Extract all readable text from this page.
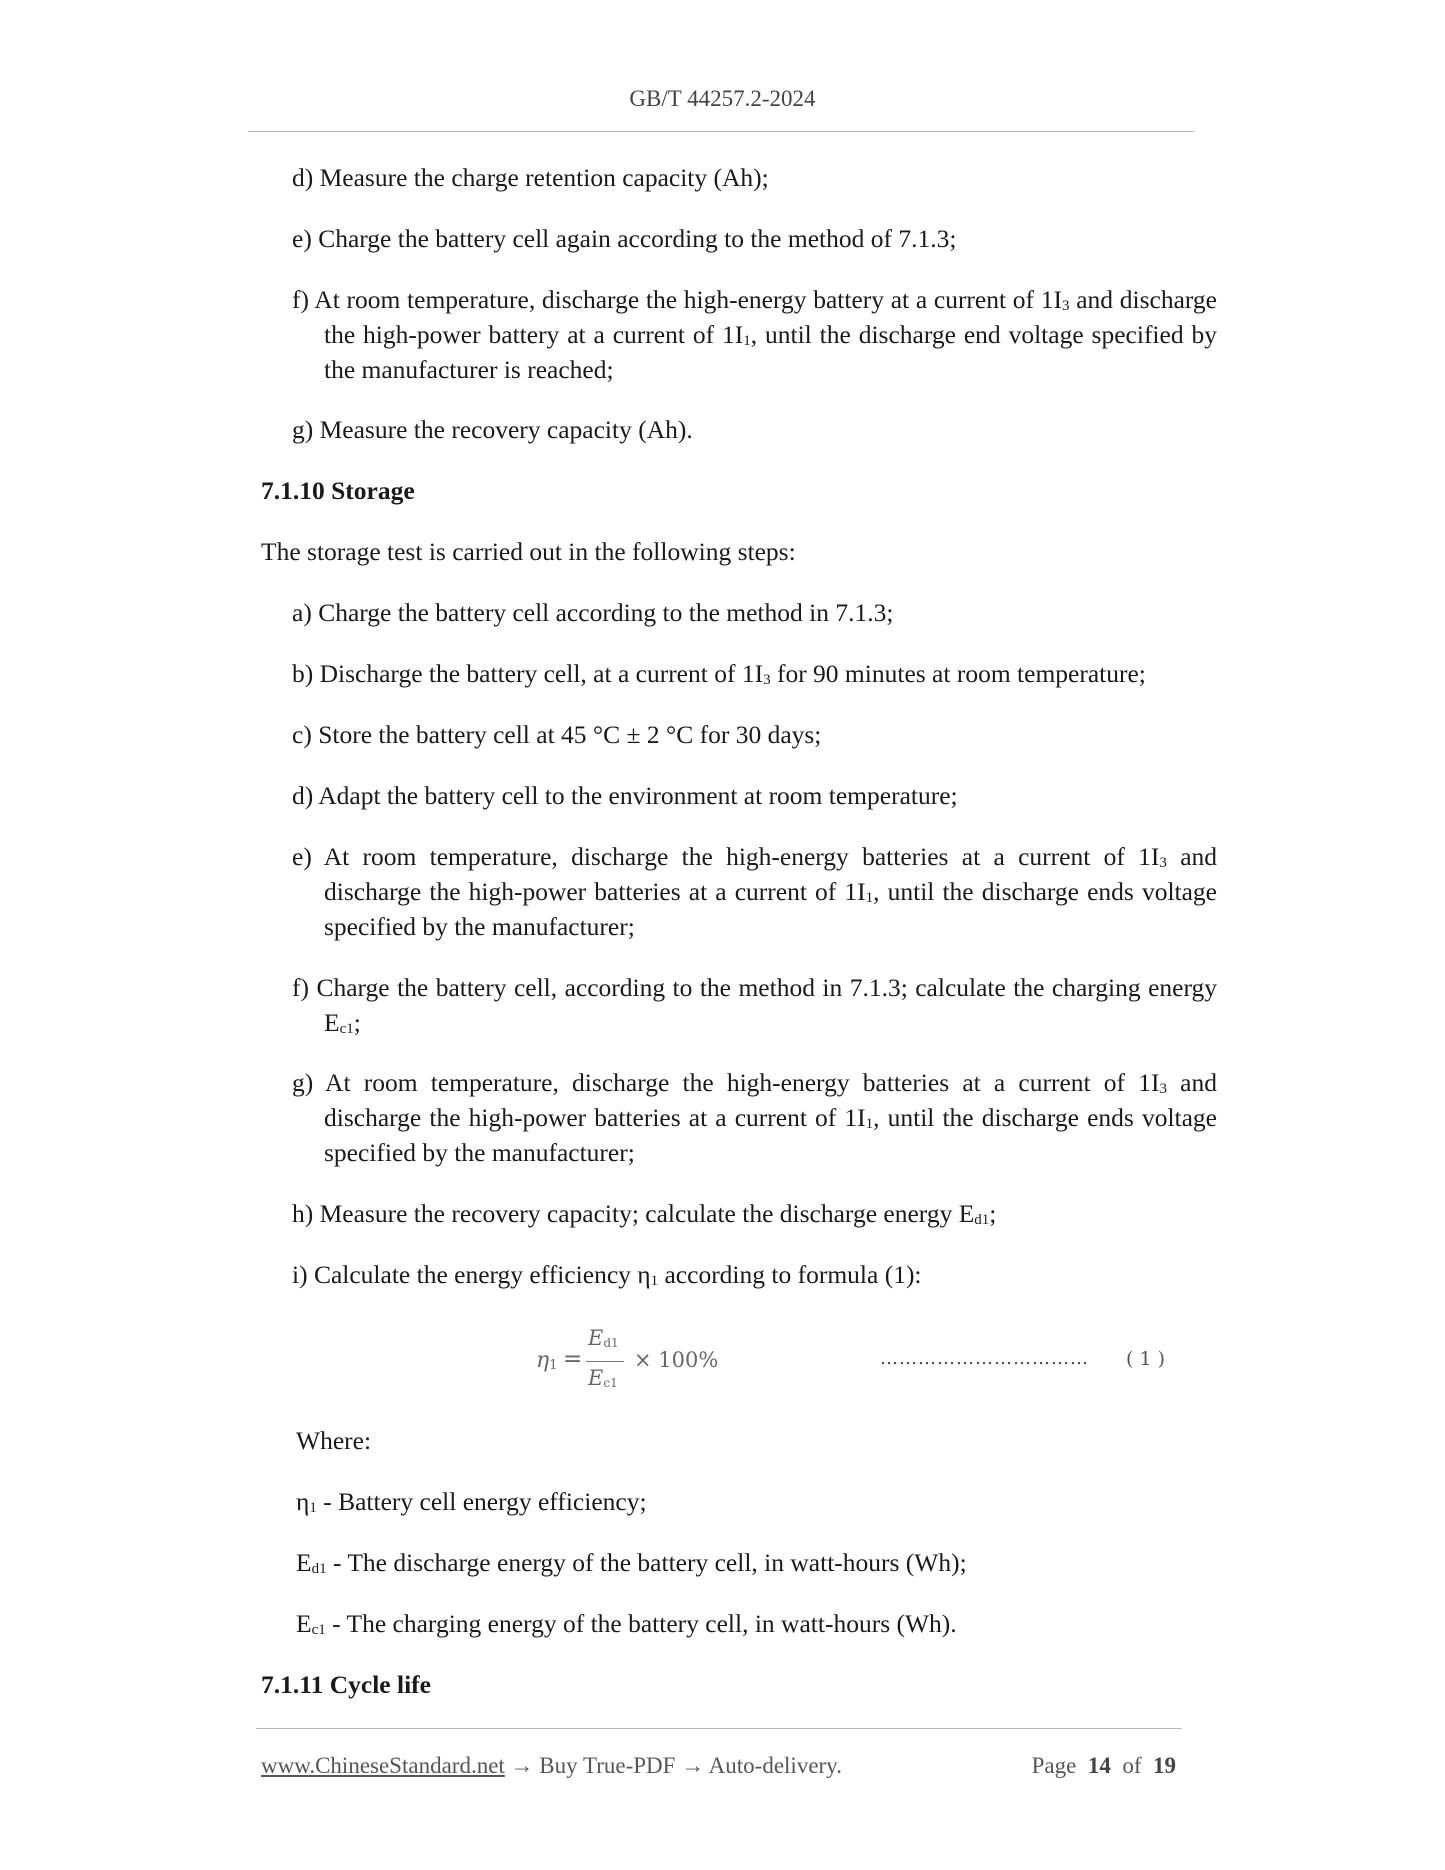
GB/T 44257.2-2024
d) Measure the charge retention capacity (Ah);
e) Charge the battery cell again according to the method of 7.1.3;
f) At room temperature, discharge the high-energy battery at a current of $1I_3$ and discharge the high-power battery at a current of $1I_1$, until the discharge end voltage specified by the manufacturer is reached;
g) Measure the recovery capacity (Ah).
7.1.10 Storage
The storage test is carried out in the following steps:
a) Charge the battery cell according to the method in 7.1.3;
b) Discharge the battery cell, at a current of $1I_3$ for 90 minutes at room temperature;
c) Store the battery cell at 45 °C ± 2 °C for 30 days;
d) Adapt the battery cell to the environment at room temperature;
e) At room temperature, discharge the high-energy batteries at a current of $1I_3$ and discharge the high-power batteries at a current of $1I_1$, until the discharge ends voltage specified by the manufacturer;
f) Charge the battery cell, according to the method in 7.1.3; calculate the charging energy $E_{c1}$;
g) At room temperature, discharge the high-energy batteries at a current of $1I_3$ and discharge the high-power batteries at a current of $1I_1$, until the discharge ends voltage specified by the manufacturer;
h) Measure the recovery capacity; calculate the discharge energy $E_{d1}$;
i) Calculate the energy efficiency $\eta_1$ according to formula (1):
$\eta_1$ =
$E_{d1}$
$E_{c1}$
× 100%	…………………………… ( 1 )
Where:
$\eta_1$ - Battery cell energy efficiency;
$E_{d1}$ - The discharge energy of the battery cell, in watt-hours (Wh);
$E_{c1}$ - The charging energy of the battery cell, in watt-hours (Wh).
7.1.11 Cycle life
www.ChineseStandard.net → Buy True-PDF → Auto-delivery.	Page 14 of 19
